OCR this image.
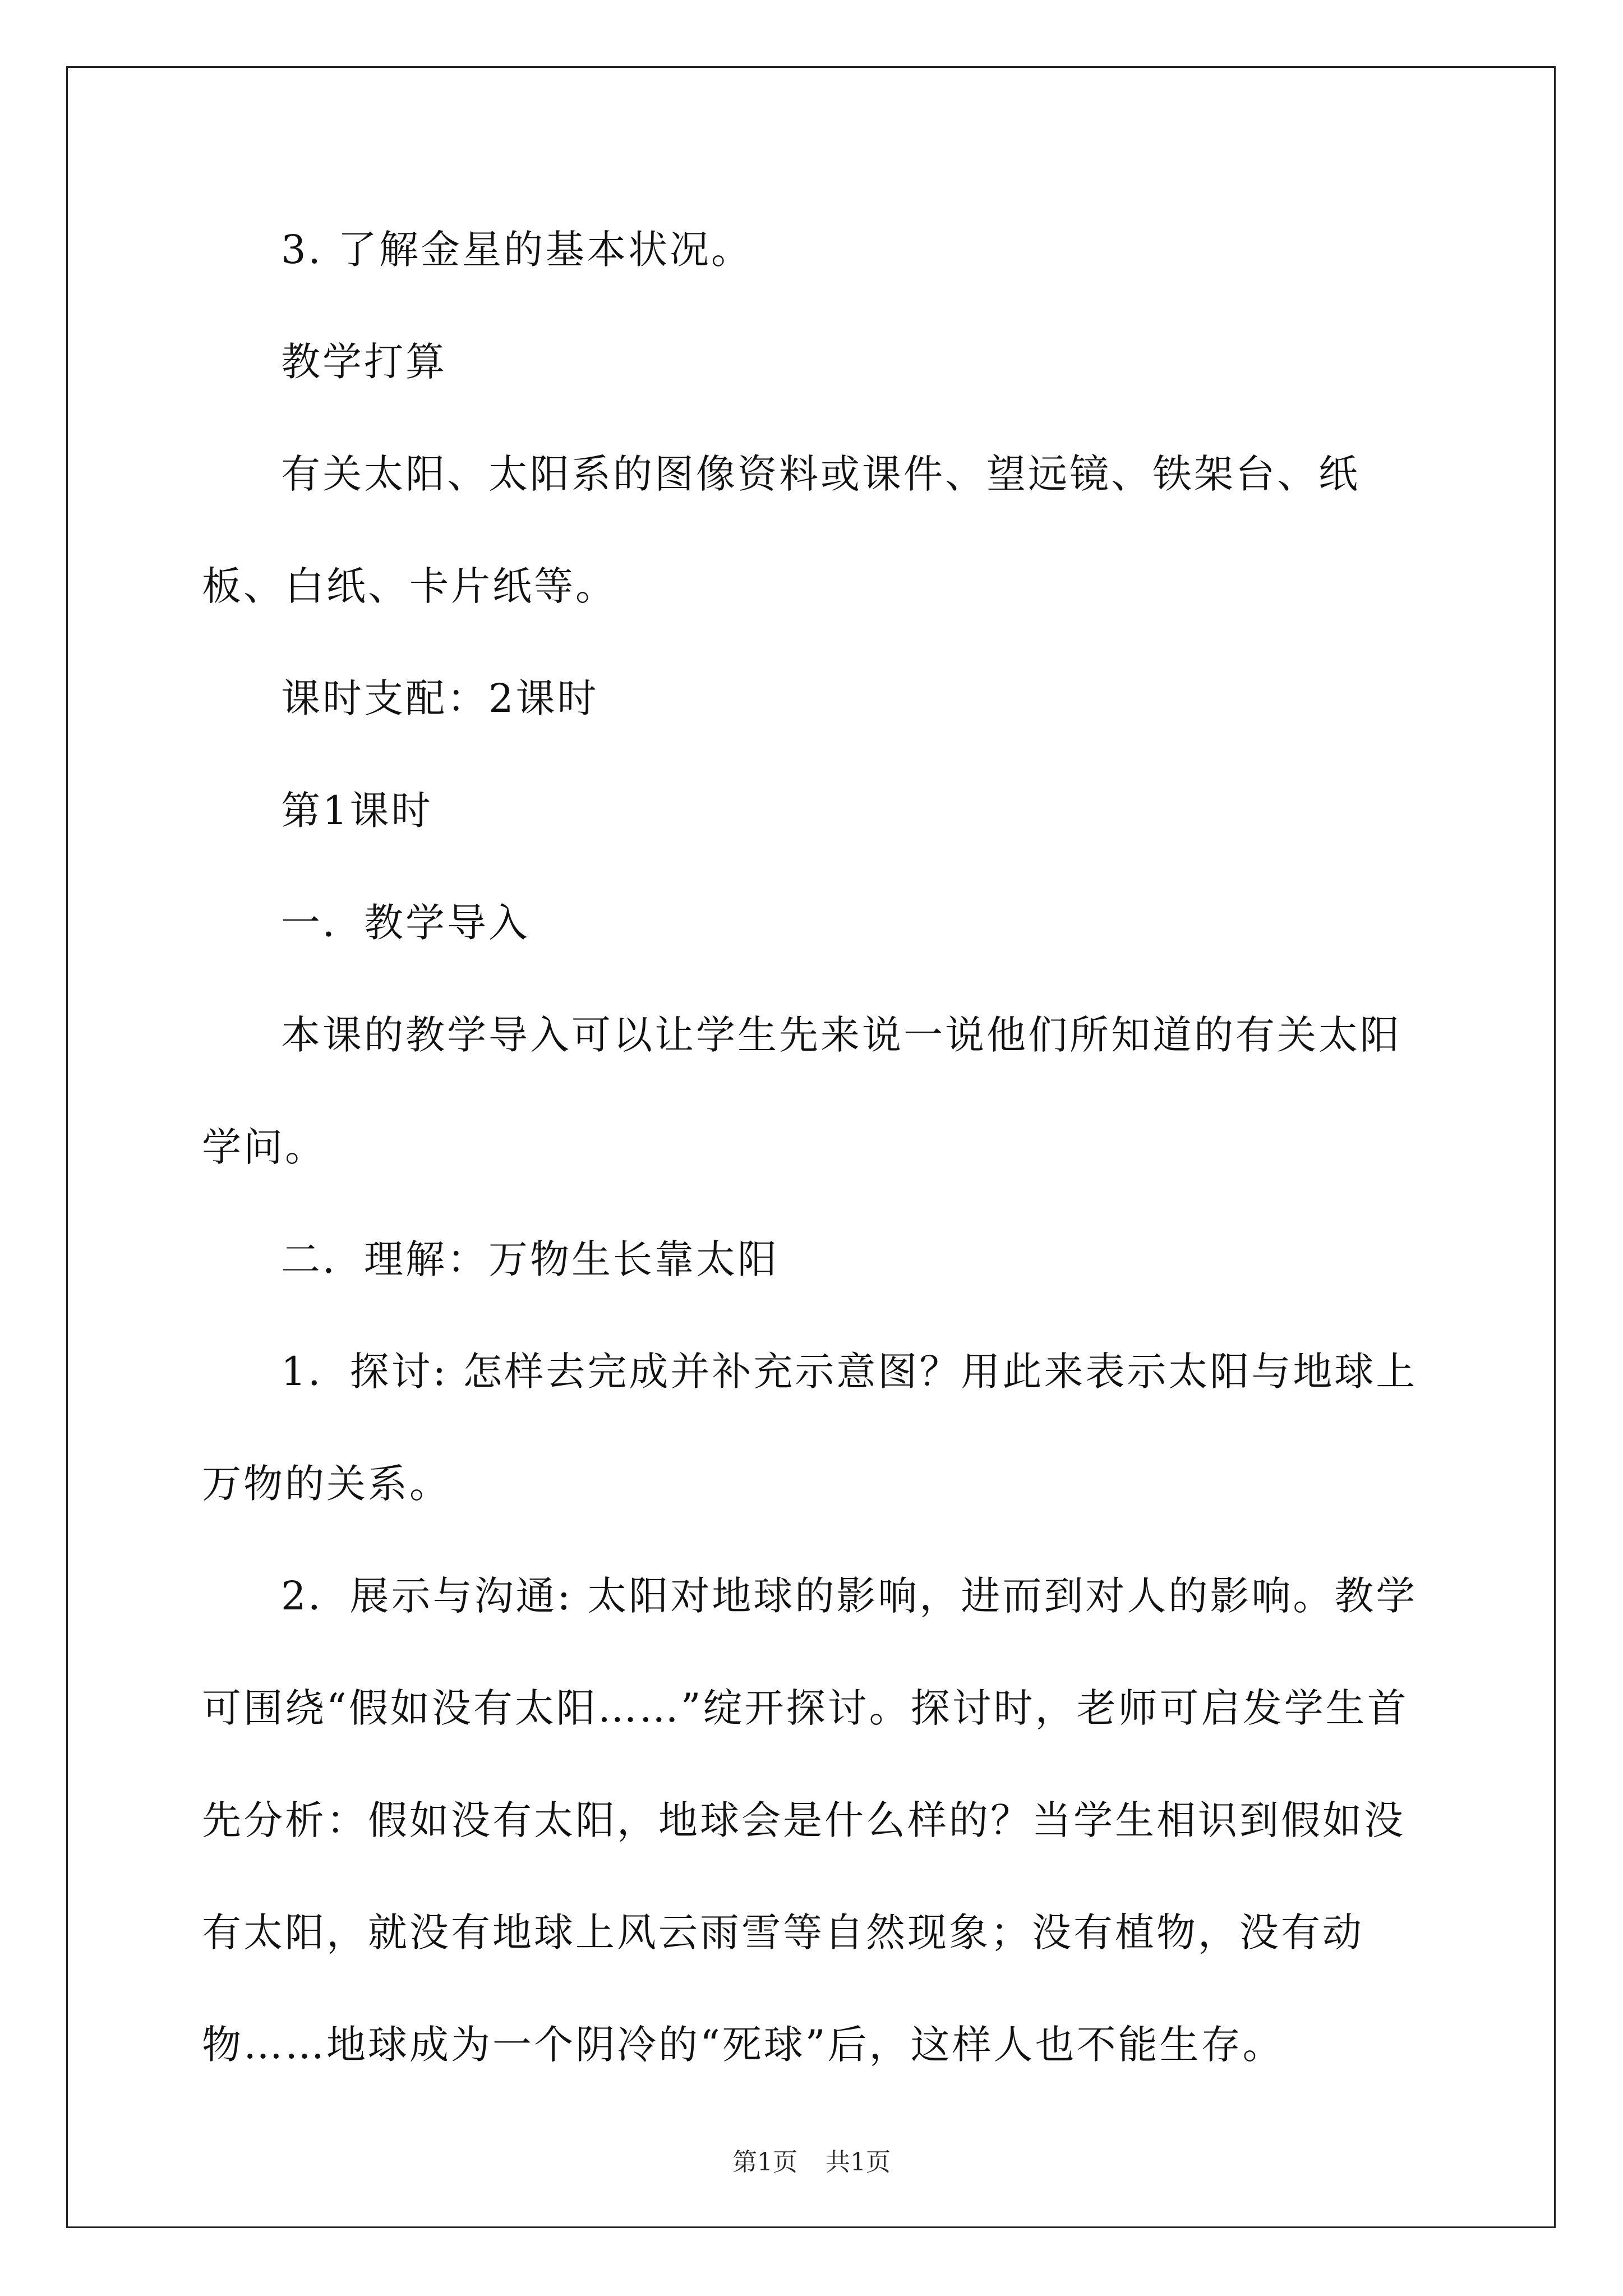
3. 了解金星的基本状况。

教学打算

有关太阳、太阳系的图像资料或课件、望远镜、铁架台、纸板、白纸、卡片纸等。

课时支配：2课时

第1课时

一．教学导入

本课的教学导入可以让学生先来说一说他们所知道的有关太阳学问。

二．理解：万物生长靠太阳

1．探讨: 怎样去完成并补充示意图？用此来表示太阳与地球上万物的关系。

2．展示与沟通: 太阳对地球的影响，进而到对人的影响。教学可围绕“假如没有太阳……”绽开探讨。探讨时，老师可启发学生首先分析：假如没有太阳，地球会是什么样的？当学生相识到假如没有太阳，就没有地球上风云雨雪等自然现象；没有植物，没有动物……地球成为一个阴冷的“死球”后，这样人也不能生存。

第1页 共1页
